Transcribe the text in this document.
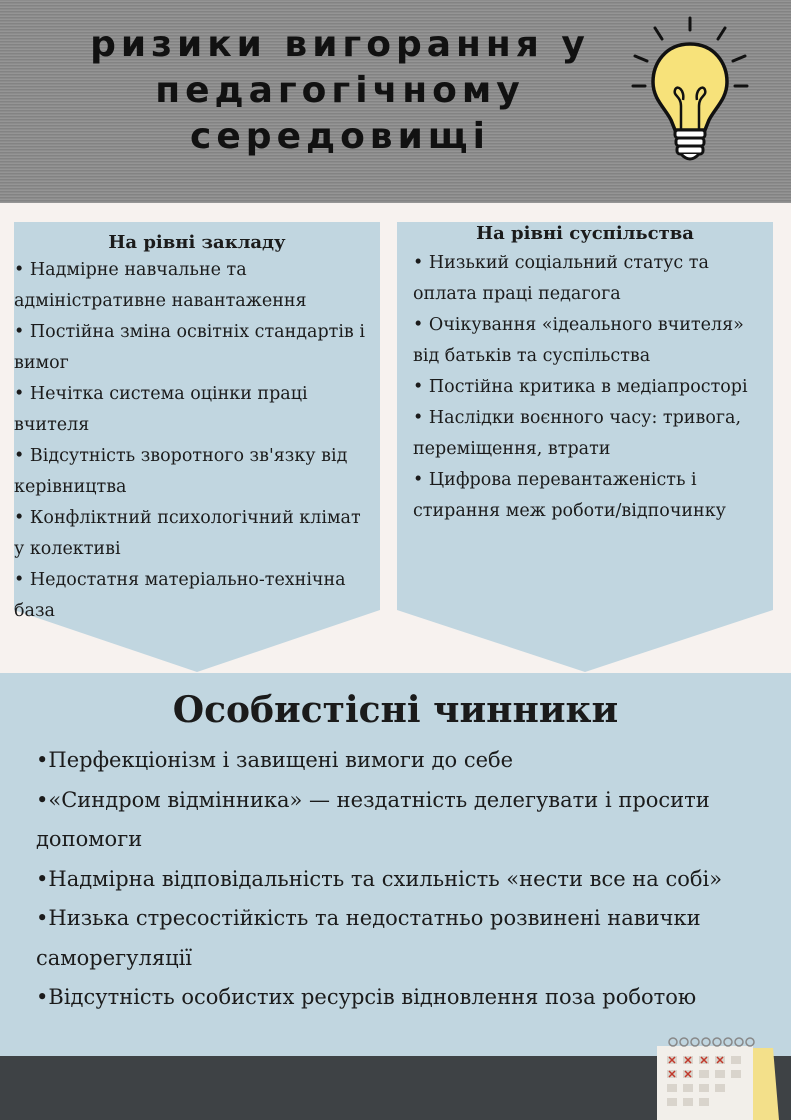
ризики вигорання у
педагогічному
середовищі
На рівні закладу
• Надмірне навчальне та адміністративне навантаження
• Постійна зміна освітніх стандартів і вимог
• Нечітка система оцінки праці вчителя
• Відсутність зворотного зв'язку від керівництва
• Конфліктний психологічний клімат у колективі
• Недостатня матеріально-технічна база
На рівні суспільства
• Низький соціальний статус та оплата праці педагога
• Очікування «ідеального вчителя» від батьків та суспільства
• Постійна критика в медіапросторі
• Наслідки воєнного часу: тривога, переміщення, втрати
• Цифрова перевантаженість і стирання меж роботи/відпочинку
Особистісні чинники
• Перфекціонізм і завищені вимоги до себе
• «Синдром відмінника» — нездатність делегувати і просити допомоги
• Надмірна відповідальність та схильність «нести все на собі»
• Низька стресостійкість та недостатньо розвинені навички саморегуляції
• Відсутність особистих ресурсів відновлення поза роботою
